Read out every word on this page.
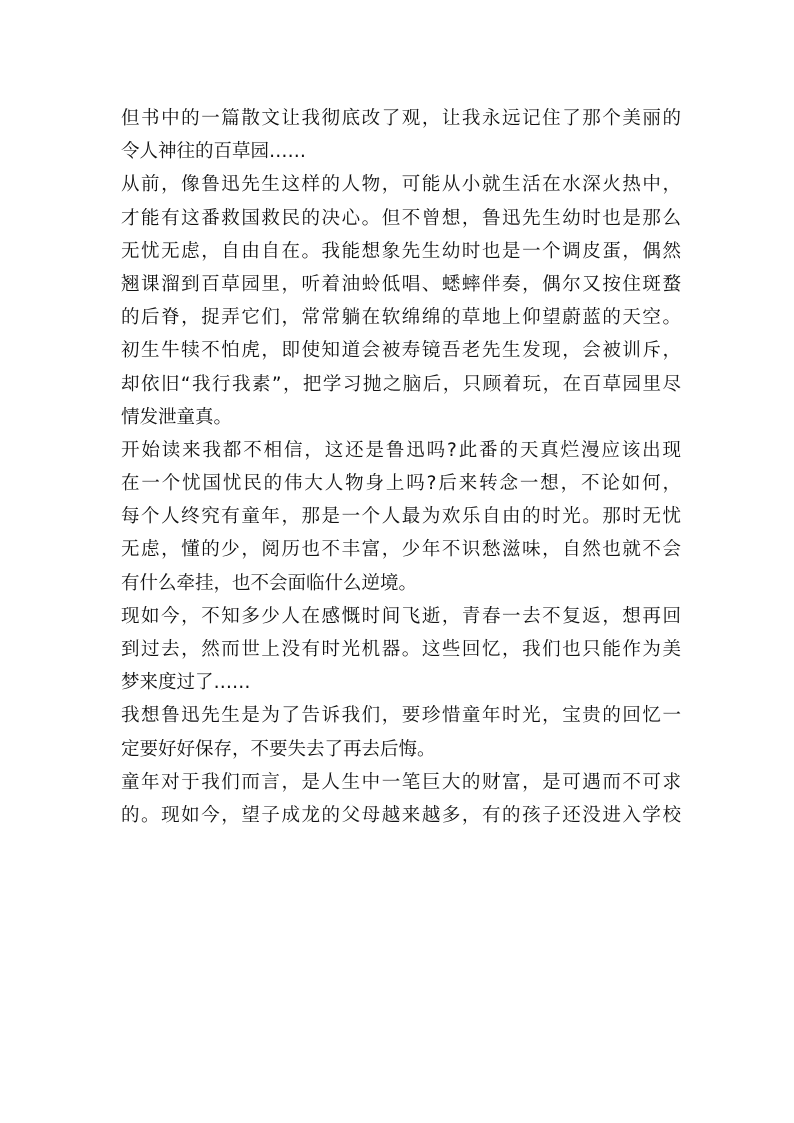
但书中的一篇散文让我彻底改了观，让我永远记住了那个美丽的
令人神往的百草园……

从前，像鲁迅先生这样的人物，可能从小就生活在水深火热中，
才能有这番救国救民的决心。但不曾想，鲁迅先生幼时也是那么
无忧无虑，自由自在。我能想象先生幼时也是一个调皮蛋，偶然
翘课溜到百草园里，听着油蛉低唱、蟋蟀伴奏，偶尔又按住斑蝥
的后脊，捉弄它们，常常躺在软绵绵的草地上仰望蔚蓝的天空。
初生牛犊不怕虎，即使知道会被寿镜吾老先生发现，会被训斥，
却依旧“我行我素”，把学习抛之脑后，只顾着玩，在百草园里尽
情发泄童真。

开始读来我都不相信，这还是鲁迅吗?此番的天真烂漫应该出现
在一个忧国忧民的伟大人物身上吗?后来转念一想，不论如何，
每个人终究有童年，那是一个人最为欢乐自由的时光。那时无忧
无虑，懂的少，阅历也不丰富，少年不识愁滋味，自然也就不会
有什么牵挂，也不会面临什么逆境。

现如今，不知多少人在感慨时间飞逝，青春一去不复返，想再回
到过去，然而世上没有时光机器。这些回忆，我们也只能作为美
梦来度过了……

我想鲁迅先生是为了告诉我们，要珍惜童年时光，宝贵的回忆一
定要好好保存，不要失去了再去后悔。

童年对于我们而言，是人生中一笔巨大的财富，是可遇而不可求
的。现如今，望子成龙的父母越来越多，有的孩子还没进入学校
